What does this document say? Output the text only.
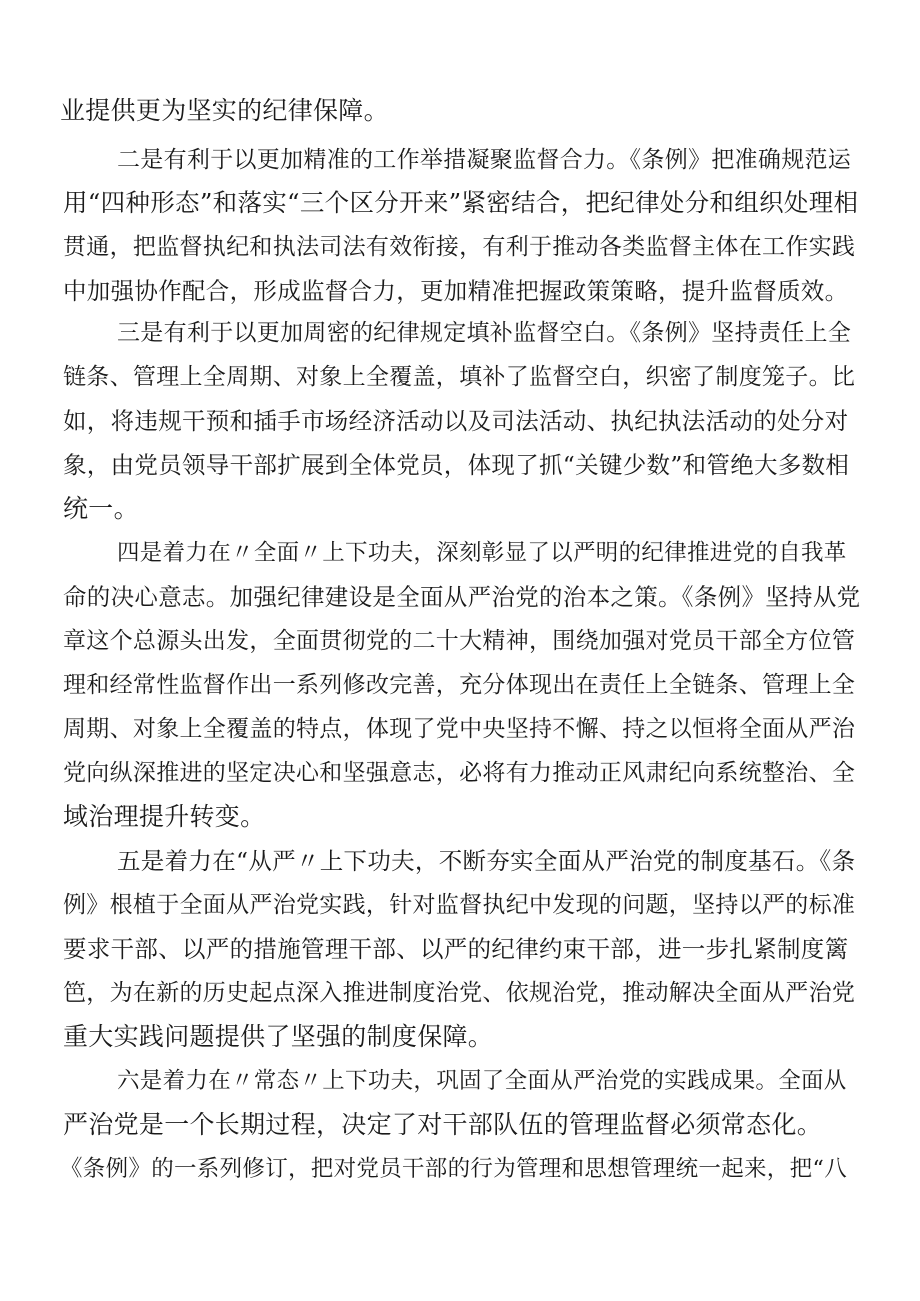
业提供更为坚实的纪律保障。
二是有利于以更加精准的工作举措凝聚监督合力。《条例》把准确规范运
用“四种形态”和落实“三个区分开来”紧密结合，把纪律处分和组织处理相
贯通，把监督执纪和执法司法有效衔接，有利于推动各类监督主体在工作实践
中加强协作配合，形成监督合力，更加精准把握政策策略，提升监督质效。
三是有利于以更加周密的纪律规定填补监督空白。《条例》坚持责任上全
链条、管理上全周期、对象上全覆盖，填补了监督空白，织密了制度笼子。比
如，将违规干预和插手市场经济活动以及司法活动、执纪执法活动的处分对
象，由党员领导干部扩展到全体党员，体现了抓“关键少数”和管绝大多数相
统一。
四是着力在〃全面〃上下功夫，深刻彰显了以严明的纪律推进党的自我革
命的决心意志。加强纪律建设是全面从严治党的治本之策。《条例》坚持从党
章这个总源头出发，全面贯彻党的二十大精神，围绕加强对党员干部全方位管
理和经常性监督作出一系列修改完善，充分体现出在责任上全链条、管理上全
周期、对象上全覆盖的特点，体现了党中央坚持不懈、持之以恒将全面从严治
党向纵深推进的坚定决心和坚强意志，必将有力推动正风肃纪向系统整治、全
域治理提升转变。
五是着力在“从严〃上下功夫，不断夯实全面从严治党的制度基石。《条
例》根植于全面从严治党实践，针对监督执纪中发现的问题，坚持以严的标准
要求干部、以严的措施管理干部、以严的纪律约束干部，进一步扎紧制度篱
笆，为在新的历史起点深入推进制度治党、依规治党，推动解决全面从严治党
重大实践问题提供了坚强的制度保障。
六是着力在〃常态〃上下功夫，巩固了全面从严治党的实践成果。全面从
严治党是一个长期过程，决定了对干部队伍的管理监督必须常态化。
《条例》的一系列修订，把对党员干部的行为管理和思想管理统一起来，把“八
